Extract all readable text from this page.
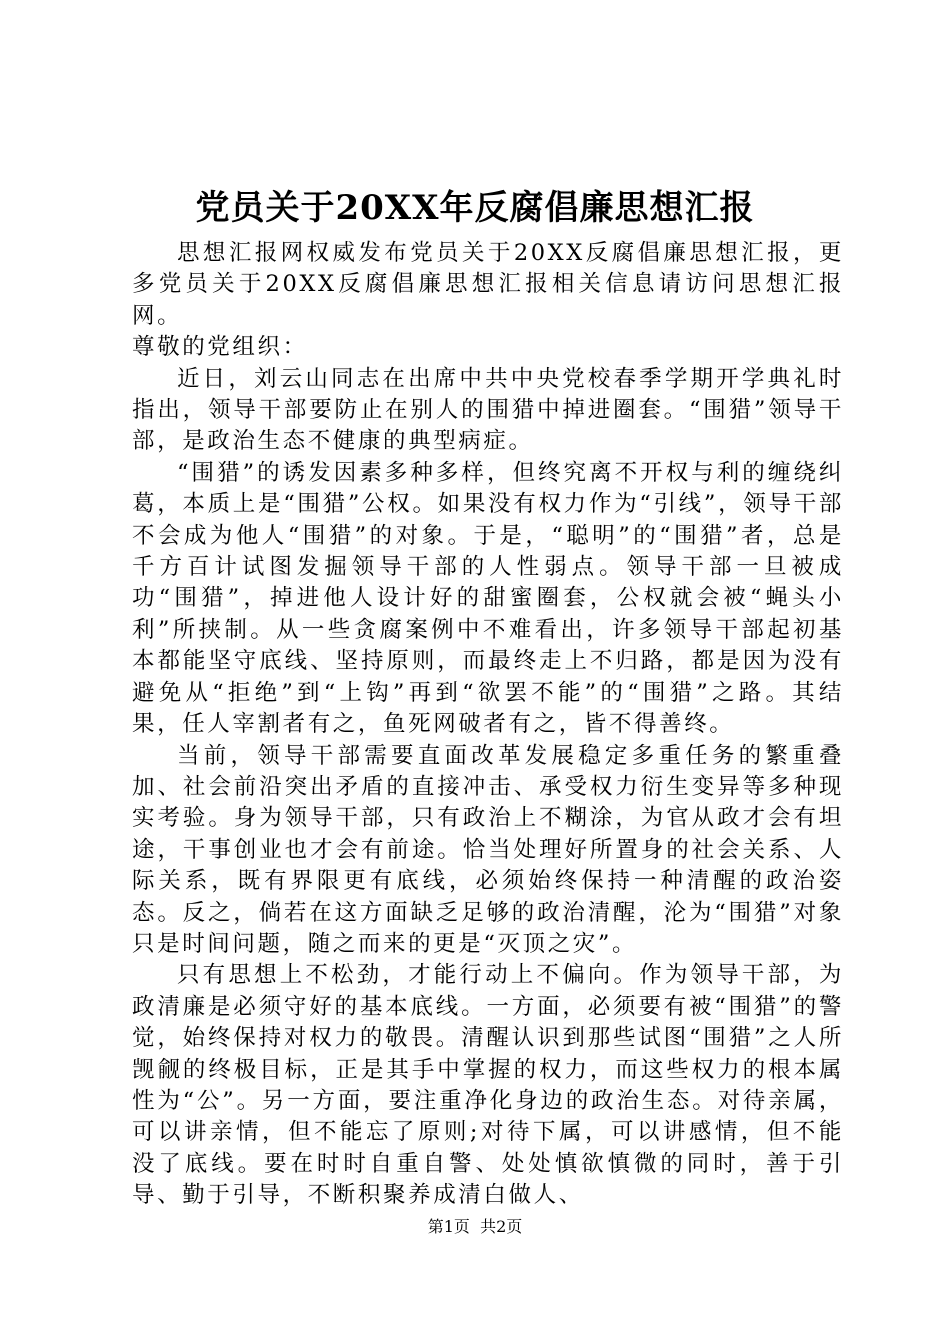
党员关于20XX年反腐倡廉思想汇报

思想汇报网权威发布党员关于20XX反腐倡廉思想汇报，更多党员关于20XX反腐倡廉思想汇报相关信息请访问思想汇报网。

尊敬的党组织：

近日，刘云山同志在出席中共中央党校春季学期开学典礼时指出，领导干部要防止在别人的围猎中掉进圈套。“围猎”领导干部，是政治生态不健康的典型病症。

“围猎”的诱发因素多种多样，但终究离不开权与利的缠绕纠葛，本质上是“围猎”公权。如果没有权力作为“引线”，领导干部不会成为他人“围猎”的对象。于是，“聪明”的“围猎”者，总是千方百计试图发掘领导干部的人性弱点。领导干部一旦被成功“围猎”，掉进他人设计好的甜蜜圈套，公权就会被“蝇头小利”所挟制。从一些贪腐案例中不难看出，许多领导干部起初基本都能坚守底线、坚持原则，而最终走上不归路，都是因为没有避免从“拒绝”到“上钩”再到“欲罢不能”的“围猎”之路。其结果，任人宰割者有之，鱼死网破者有之，皆不得善终。

当前，领导干部需要直面改革发展稳定多重任务的繁重叠加、社会前沿突出矛盾的直接冲击、承受权力衍生变异等多种现实考验。身为领导干部，只有政治上不糊涂，为官从政才会有坦途，干事创业也才会有前途。恰当处理好所置身的社会关系、人际关系，既有界限更有底线，必须始终保持一种清醒的政治姿态。反之，倘若在这方面缺乏足够的政治清醒，沦为“围猎”对象只是时间问题，随之而来的更是“灭顶之灾”。

只有思想上不松劲，才能行动上不偏向。作为领导干部，为政清廉是必须守好的基本底线。一方面，必须要有被“围猎”的警觉，始终保持对权力的敬畏。清醒认识到那些试图“围猎”之人所觊觎的终极目标，正是其手中掌握的权力，而这些权力的根本属性为“公”。另一方面，要注重净化身边的政治生态。对待亲属，可以讲亲情，但不能忘了原则;对待下属，可以讲感情，但不能没了底线。要在时时自重自警、处处慎欲慎微的同时，善于引导、勤于引导，不断积聚养成清白做人、

第1页 共2页
